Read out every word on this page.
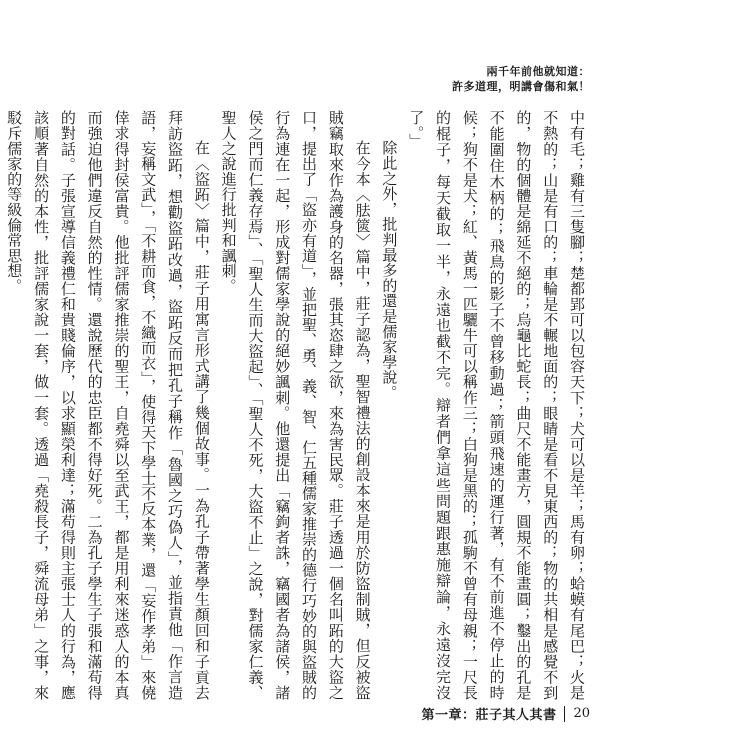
兩千年前他就知道：
許多道理，明講會傷和氣！

中有毛；雞有三隻腳；楚都郢可以包容天下；犬可以是羊；馬有卵；蛤蟆有尾巴；火是不熱的；山是有口的；車輪是不輾地面的；眼睛是看不見東西的；物的共相是感覺不到的，物的個體是綿延不絕的；烏龜比蛇長；曲尺不能畫方，圓規不能畫圓；鑿出的孔是不能圍住木柄的；飛鳥的影子不曾移動過；箭頭飛速的運行著，有不前進不停止的時候；狗不是犬；紅、黃馬一匹驪牛可以稱作三；白狗是黑的；孤駒不曾有母親；一尺長的棍子，每天截取一半，永遠也截不完。辯者們拿這些問題跟惠施辯論，永遠沒完沒了。」

除此之外，批判最多的還是儒家學說。

在今本〈胠篋〉篇中，莊子認為，聖智禮法的創設本來是用於防盜制賊，但反被盜賊竊取來作為護身的名器，張其恣肆之欲，來為害民眾。莊子透過一個名叫跖的大盜之口，提出了「盜亦有道」，並把聖、勇、義、智、仁五種儒家推崇的德行巧妙的與盜賊的行為連在一起，形成對儒家學說的絕妙諷刺。他還提出「竊鉤者誅，竊國者為諸侯，諸侯之門而仁義存焉」、「聖人生而大盜起」、「聖人不死，大盜不止」之說，對儒家仁義、聖人之說進行批判和諷刺。

在〈盜跖〉篇中，莊子用寓言形式講了幾個故事。一為孔子帶著學生顏回和子貢去拜訪盜跖，想勸盜跖改過，盜跖反而把孔子稱作「魯國之巧偽人」，並指責他「作言造語，妄稱文武」，「不耕而食，不織而衣」，使得天下學士不反本業，還「妄作孝弟」來僥倖求得封侯富貴。他批評儒家推崇的聖王，自堯舜以至武王，都是用利來迷惑人的本真而強迫他們違反自然的性情。還說歷代的忠臣都不得好死。二為孔子學生子張和滿苟得的對話。子張宣導信義禮仁和貴賤倫序，以求顯榮利達；滿苟得則主張士人的行為，應該順著自然的本性，批評儒家說一套，做一套。透過「堯殺長子，舜流母弟」之事，來駁斥儒家的等級倫常思想。

第一章：莊子其人其書 20
